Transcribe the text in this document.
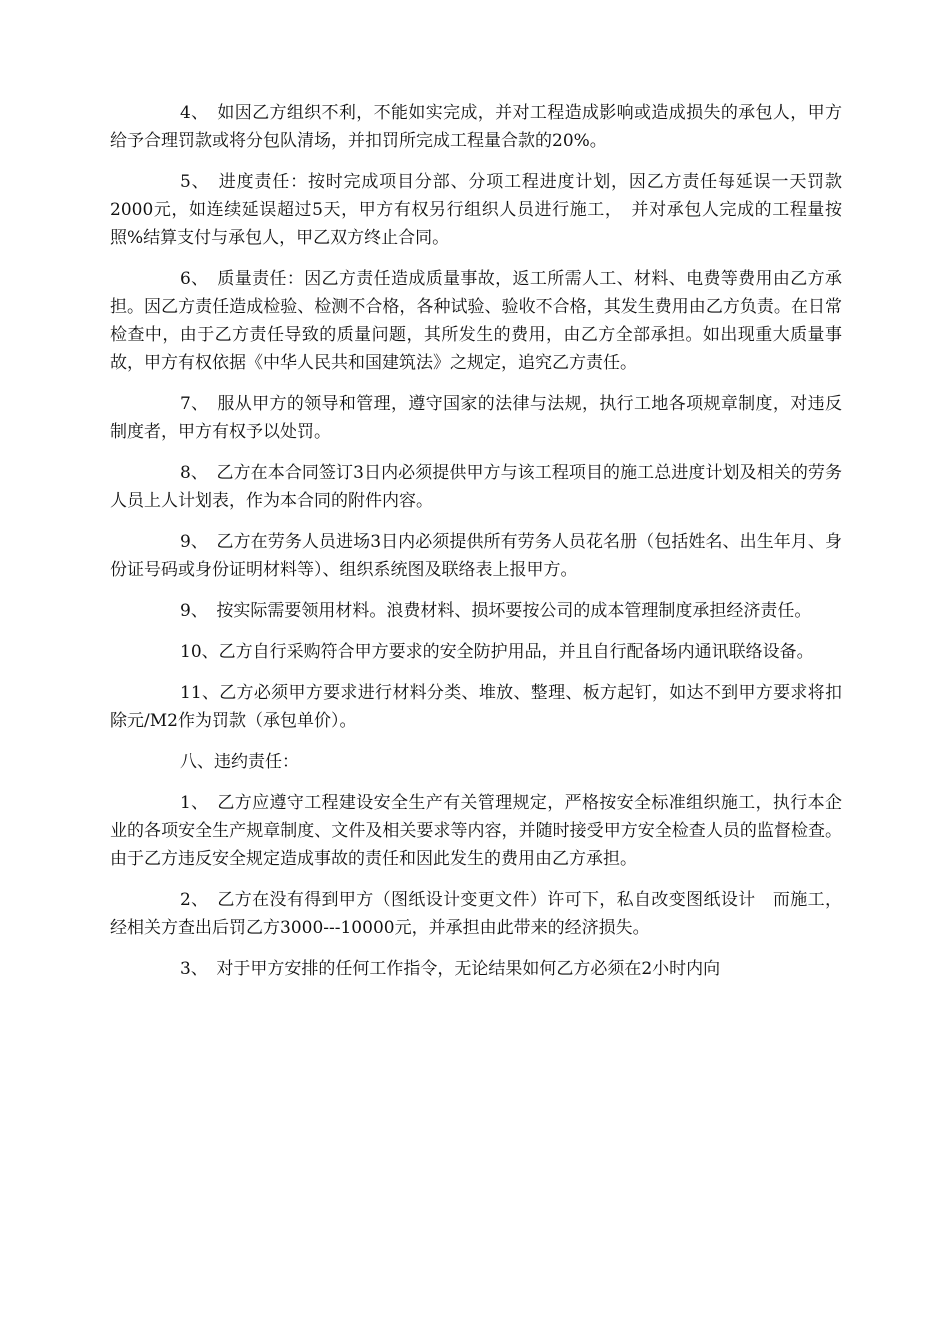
4、　如因乙方组织不利，不能如实完成，并对工程造成影响或造成损失的承包人，甲方给予合理罚款或将分包队清场，并扣罚所完成工程量合款的20%。

5、　进度责任：按时完成项目分部、分项工程进度计划，因乙方责任每延误一天罚款2000元，如连续延误超过5天，甲方有权另行组织人员进行施工，　并对承包人完成的工程量按照%结算支付与承包人，甲乙双方终止合同。

6、　质量责任：因乙方责任造成质量事故，返工所需人工、材料、电费等费用由乙方承担。因乙方责任造成检验、检测不合格，各种试验、验收不合格，其发生费用由乙方负责。在日常检查中，由于乙方责任导致的质量问题，其所发生的费用，由乙方全部承担。如出现重大质量事故，甲方有权依据《中华人民共和国建筑法》之规定，追究乙方责任。

7、　服从甲方的领导和管理，遵守国家的法律与法规，执行工地各项规章制度，对违反制度者，甲方有权予以处罚。

8、　乙方在本合同签订3日内必须提供甲方与该工程项目的施工总进度计划及相关的劳务人员上人计划表，作为本合同的附件内容。

9、　乙方在劳务人员进场3日内必须提供所有劳务人员花名册（包括姓名、出生年月、身份证号码或身份证明材料等）、组织系统图及联络表上报甲方。

9、　按实际需要领用材料。浪费材料、损坏要按公司的成本管理制度承担经济责任。

10、乙方自行采购符合甲方要求的安全防护用品，并且自行配备场内通讯联络设备。

11、乙方必须甲方要求进行材料分类、堆放、整理、板方起钉，如达不到甲方要求将扣除元/M2作为罚款（承包单价）。

八、违约责任：

1、　乙方应遵守工程建设安全生产有关管理规定，严格按安全标准组织施工，执行本企业的各项安全生产规章制度、文件及相关要求等内容，并随时接受甲方安全检查人员的监督检查。由于乙方违反安全规定造成事故的责任和因此发生的费用由乙方承担。

2、　乙方在没有得到甲方（图纸设计变更文件）许可下，私自改变图纸设计　而施工，经相关方查出后罚乙方3000---10000元，并承担由此带来的经济损失。

3、　对于甲方安排的任何工作指令，无论结果如何乙方必须在2小时内向
